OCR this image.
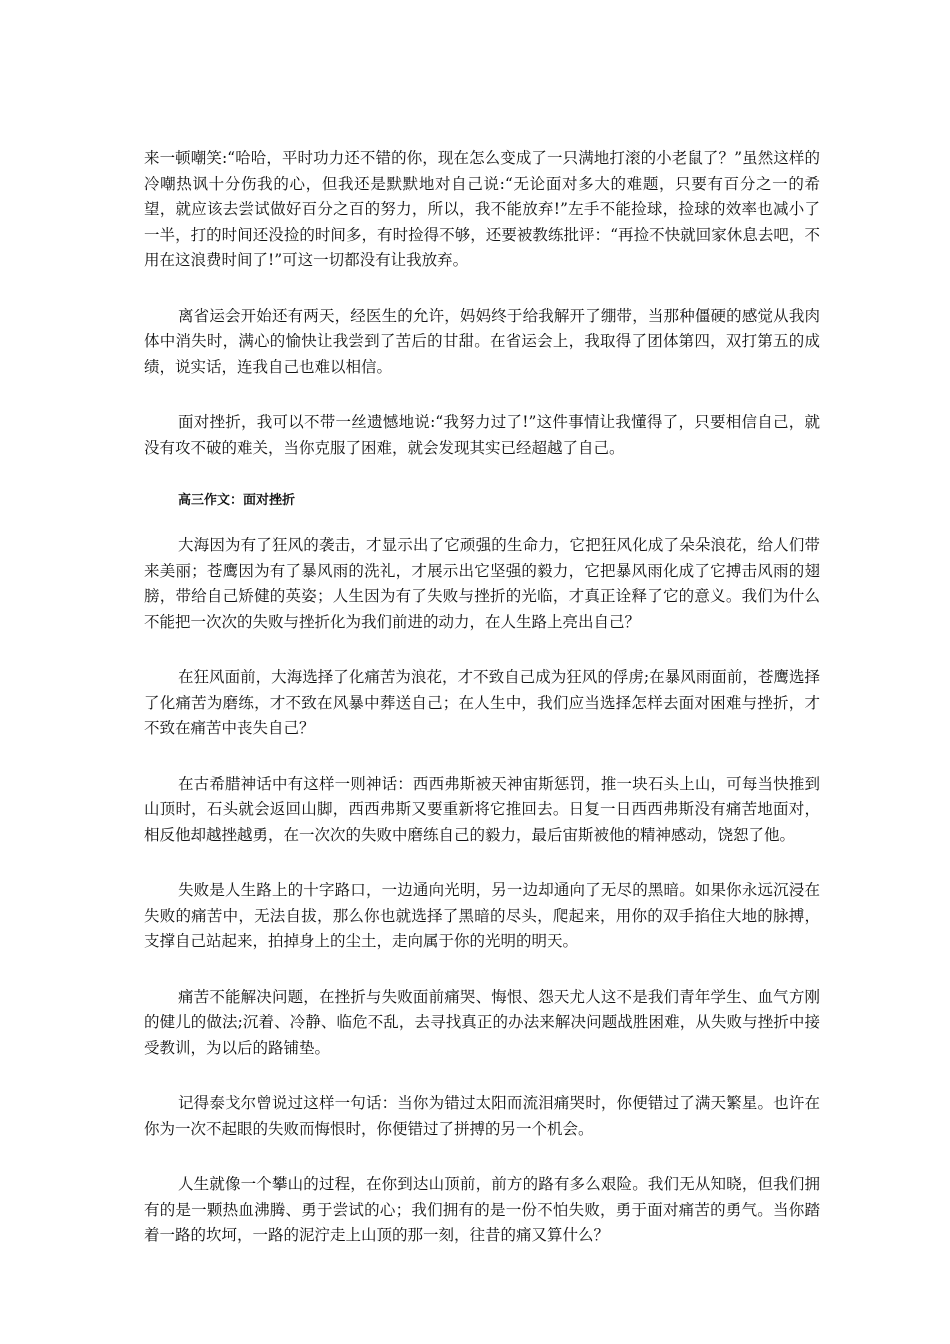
来一顿嘲笑:“哈哈，平时功力还不错的你，现在怎么变成了一只满地打滚的小老鼠了？”虽然这样的冷嘲热讽十分伤我的心，但我还是默默地对自己说:“无论面对多大的难题，只要有百分之一的希望，就应该去尝试做好百分之百的努力，所以，我不能放弃!”左手不能捡球，捡球的效率也减小了一半，打的时间还没捡的时间多，有时捡得不够，还要被教练批评：“再捡不快就回家休息去吧，不用在这浪费时间了!”可这一切都没有让我放弃。

离省运会开始还有两天，经医生的允许，妈妈终于给我解开了绷带，当那种僵硬的感觉从我肉体中消失时，满心的愉快让我尝到了苦后的甘甜。在省运会上，我取得了团体第四，双打第五的成绩，说实话，连我自己也难以相信。

面对挫折，我可以不带一丝遗憾地说:“我努力过了!”这件事情让我懂得了，只要相信自己，就没有攻不破的难关，当你克服了困难，就会发现其实已经超越了自己。

高三作文：面对挫折

大海因为有了狂风的袭击，才显示出了它顽强的生命力，它把狂风化成了朵朵浪花，给人们带来美丽；苍鹰因为有了暴风雨的洗礼，才展示出它坚强的毅力，它把暴风雨化成了它搏击风雨的翅膀，带给自己矫健的英姿；人生因为有了失败与挫折的光临，才真正诠释了它的意义。我们为什么不能把一次次的失败与挫折化为我们前进的动力，在人生路上亮出自己？

在狂风面前，大海选择了化痛苦为浪花，才不致自己成为狂风的俘虏;在暴风雨面前，苍鹰选择了化痛苦为磨练，才不致在风暴中葬送自己；在人生中，我们应当选择怎样去面对困难与挫折，才不致在痛苦中丧失自己？

在古希腊神话中有这样一则神话：西西弗斯被天神宙斯惩罚，推一块石头上山，可每当快推到山顶时，石头就会返回山脚，西西弗斯又要重新将它推回去。日复一日西西弗斯没有痛苦地面对，相反他却越挫越勇，在一次次的失败中磨练自己的毅力，最后宙斯被他的精神感动，饶恕了他。

失败是人生路上的十字路口，一边通向光明，另一边却通向了无尽的黑暗。如果你永远沉浸在失败的痛苦中，无法自拔，那么你也就选择了黑暗的尽头，爬起来，用你的双手掐住大地的脉搏，支撑自己站起来，拍掉身上的尘土，走向属于你的光明的明天。

痛苦不能解决问题，在挫折与失败面前痛哭、悔恨、怨天尤人这不是我们青年学生、血气方刚的健儿的做法;沉着、冷静、临危不乱，去寻找真正的办法来解决问题战胜困难，从失败与挫折中接受教训，为以后的路铺垫。

记得泰戈尔曾说过这样一句话：当你为错过太阳而流泪痛哭时，你便错过了满天繁星。也许在你为一次不起眼的失败而悔恨时，你便错过了拼搏的另一个机会。

人生就像一个攀山的过程，在你到达山顶前，前方的路有多么艰险。我们无从知晓，但我们拥有的是一颗热血沸腾、勇于尝试的心；我们拥有的是一份不怕失败，勇于面对痛苦的勇气。当你踏着一路的坎坷，一路的泥泞走上山顶的那一刻，往昔的痛又算什么？
